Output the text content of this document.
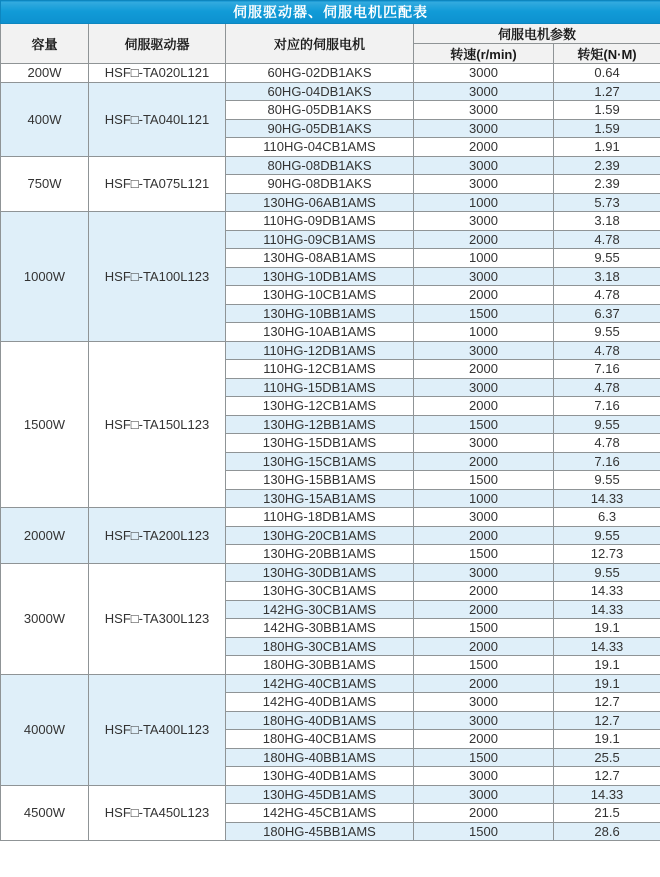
伺服驱动器、伺服电机匹配表				
容量	伺服驱动器	对应的伺服电机	伺服电机参数	
			转速(r/min)	转矩(N·M)
200W	HSF□-TA020L121	60HG-02DB1AKS	3000	0.64
400W	HSF□-TA040L121	60HG-04DB1AKS	3000	1.27
		80HG-05DB1AKS	3000	1.59
		90HG-05DB1AKS	3000	1.59
		110HG-04CB1AMS	2000	1.91
750W	HSF□-TA075L121	80HG-08DB1AKS	3000	2.39
		90HG-08DB1AKS	3000	2.39
		130HG-06AB1AMS	1000	5.73
1000W	HSF□-TA100L123	110HG-09DB1AMS	3000	3.18
		110HG-09CB1AMS	2000	4.78
		130HG-08AB1AMS	1000	9.55
		130HG-10DB1AMS	3000	3.18
		130HG-10CB1AMS	2000	4.78
		130HG-10BB1AMS	1500	6.37
		130HG-10AB1AMS	1000	9.55
1500W	HSF□-TA150L123	110HG-12DB1AMS	3000	4.78
		110HG-12CB1AMS	2000	7.16
		110HG-15DB1AMS	3000	4.78
		130HG-12CB1AMS	2000	7.16
		130HG-12BB1AMS	1500	9.55
		130HG-15DB1AMS	3000	4.78
		130HG-15CB1AMS	2000	7.16
		130HG-15BB1AMS	1500	9.55
		130HG-15AB1AMS	1000	14.33
2000W	HSF□-TA200L123	110HG-18DB1AMS	3000	6.3
		130HG-20CB1AMS	2000	9.55
		130HG-20BB1AMS	1500	12.73
3000W	HSF□-TA300L123	130HG-30DB1AMS	3000	9.55
		130HG-30CB1AMS	2000	14.33
		142HG-30CB1AMS	2000	14.33
		142HG-30BB1AMS	1500	19.1
		180HG-30CB1AMS	2000	14.33
		180HG-30BB1AMS	1500	19.1
4000W	HSF□-TA400L123	142HG-40CB1AMS	2000	19.1
		142HG-40DB1AMS	3000	12.7
		180HG-40DB1AMS	3000	12.7
		180HG-40CB1AMS	2000	19.1
		180HG-40BB1AMS	1500	25.5
		130HG-40DB1AMS	3000	12.7
4500W	HSF□-TA450L123	130HG-45DB1AMS	3000	14.33
		142HG-45CB1AMS	2000	21.5
		180HG-45BB1AMS	1500	28.6
